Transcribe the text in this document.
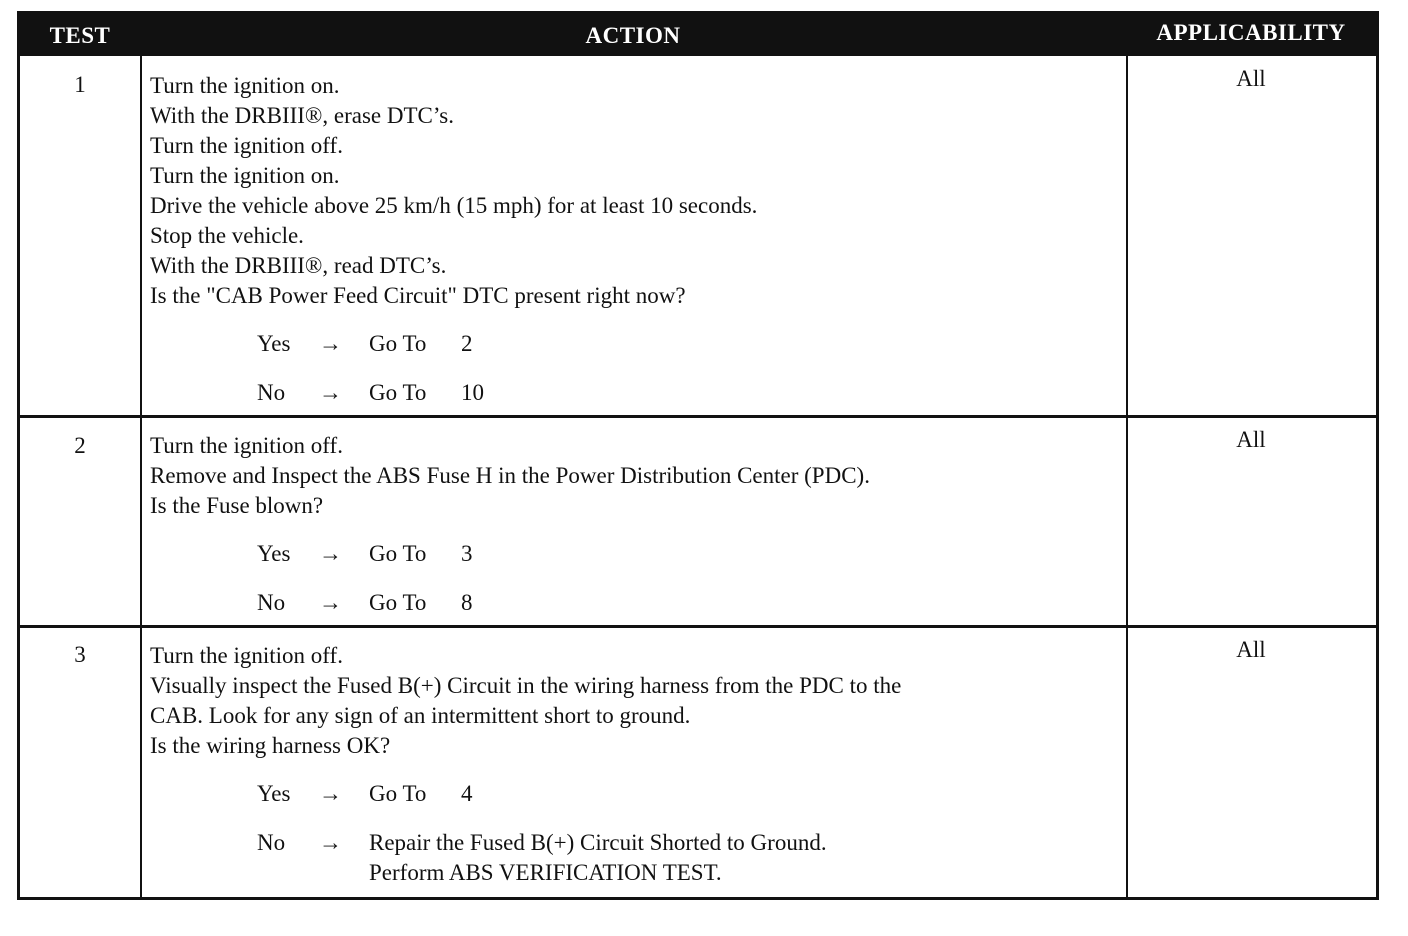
TEST	ACTION	APPLICABILITY
1	Turn the ignition on.
With the DRBIII®, erase DTC’s.
Turn the ignition off.
Turn the ignition on.
Drive the vehicle above 25 km/h (15 mph) for at least 10 seconds.
Stop the vehicle.
With the DRBIII®, read DTC’s.
Is the "CAB Power Feed Circuit" DTC present right now?
Yes	→	Go To	2
No	→	Go To	10
All
2	Turn the ignition off.
Remove and Inspect the ABS Fuse H in the Power Distribution Center (PDC).
Is the Fuse blown?
Yes	→	Go To	3
No	→	Go To	8
All
3	Turn the ignition off.
Visually inspect the Fused B(+) Circuit in the wiring harness from the PDC to the
CAB. Look for any sign of an intermittent short to ground.
Is the wiring harness OK?
Yes	→	Go To	4
No	→	Repair the Fused B(+) Circuit Shorted to Ground.
Perform ABS VERIFICATION TEST.
All
